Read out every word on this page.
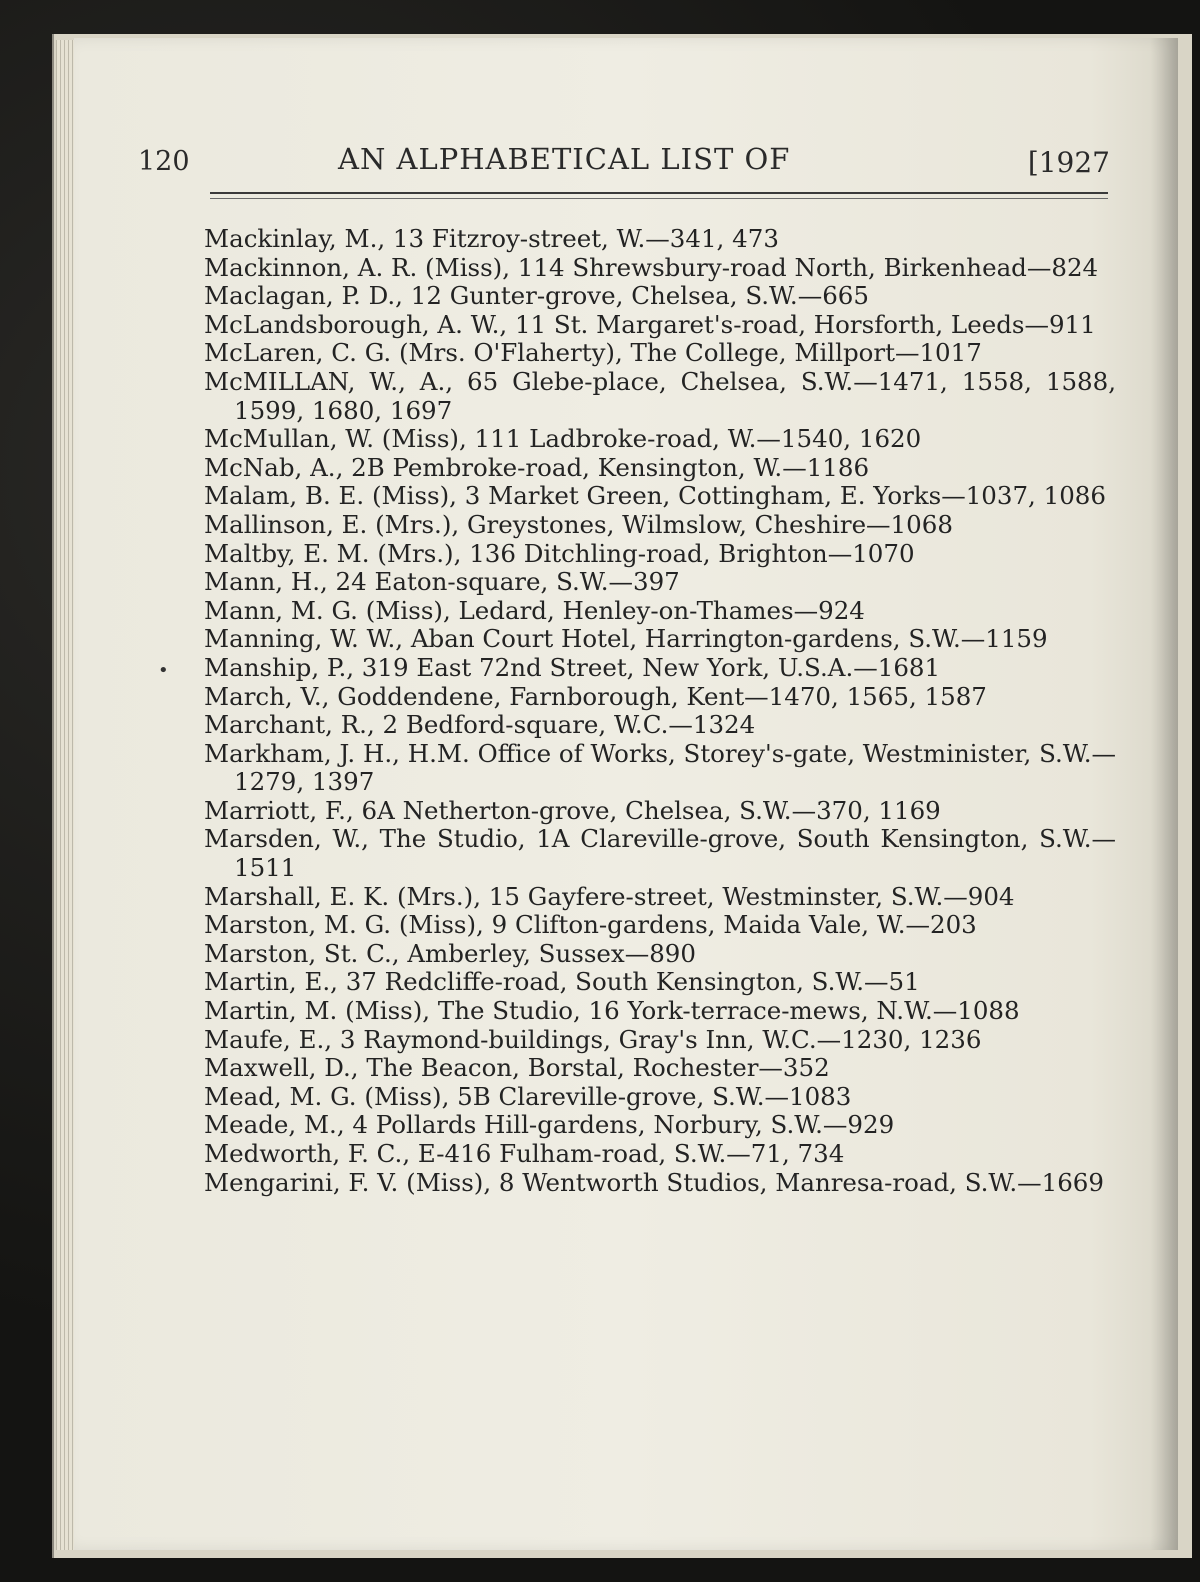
120	AN ALPHABETICAL LIST OF	[1927
•

Mackinlay, M., 13 Fitzroy-street, W.—341, 473

Mackinnon, A. R. (Miss), 114 Shrewsbury-road North, Birkenhead—824

Maclagan, P. D., 12 Gunter-grove, Chelsea, S.W.—665

McLandsborough, A. W., 11 St. Margaret's-road, Horsforth, Leeds—911

McLaren, C. G. (Mrs. O'Flaherty), The College, Millport—1017

McMILLAN, W., A., 65 Glebe-place, Chelsea, S.W.—1471, 1558, 1588, 1599, 1680, 1697

McMullan, W. (Miss), 111 Ladbroke-road, W.—1540, 1620

McNab, A., 2B Pembroke-road, Kensington, W.—1186

Malam, B. E. (Miss), 3 Market Green, Cottingham, E. Yorks—1037, 1086

Mallinson, E. (Mrs.), Greystones, Wilmslow, Cheshire—1068

Maltby, E. M. (Mrs.), 136 Ditchling-road, Brighton—1070

Mann, H., 24 Eaton-square, S.W.—397

Mann, M. G. (Miss), Ledard, Henley-on-Thames—924

Manning, W. W., Aban Court Hotel, Harrington-gardens, S.W.—1159

Manship, P., 319 East 72nd Street, New York, U.S.A.—1681

March, V., Goddendene, Farnborough, Kent—1470, 1565, 1587

Marchant, R., 2 Bedford-square, W.C.—1324

Markham, J. H., H.M. Office of Works, Storey's-gate, Westminister, S.W.—1279, 1397

Marriott, F., 6A Netherton-grove, Chelsea, S.W.—370, 1169

Marsden, W., The Studio, 1A Clareville-grove, South Kensington, S.W.—1511

Marshall, E. K. (Mrs.), 15 Gayfere-street, Westminster, S.W.—904

Marston, M. G. (Miss), 9 Clifton-gardens, Maida Vale, W.—203

Marston, St. C., Amberley, Sussex—890

Martin, E., 37 Redcliffe-road, South Kensington, S.W.—51

Martin, M. (Miss), The Studio, 16 York-terrace-mews, N.W.—1088

Maufe, E., 3 Raymond-buildings, Gray's Inn, W.C.—1230, 1236

Maxwell, D., The Beacon, Borstal, Rochester—352

Mead, M. G. (Miss), 5B Clareville-grove, S.W.—1083

Meade, M., 4 Pollards Hill-gardens, Norbury, S.W.—929

Medworth, F. C., E-416 Fulham-road, S.W.—71, 734

Mengarini, F. V. (Miss), 8 Wentworth Studios, Manresa-road, S.W.—1669
